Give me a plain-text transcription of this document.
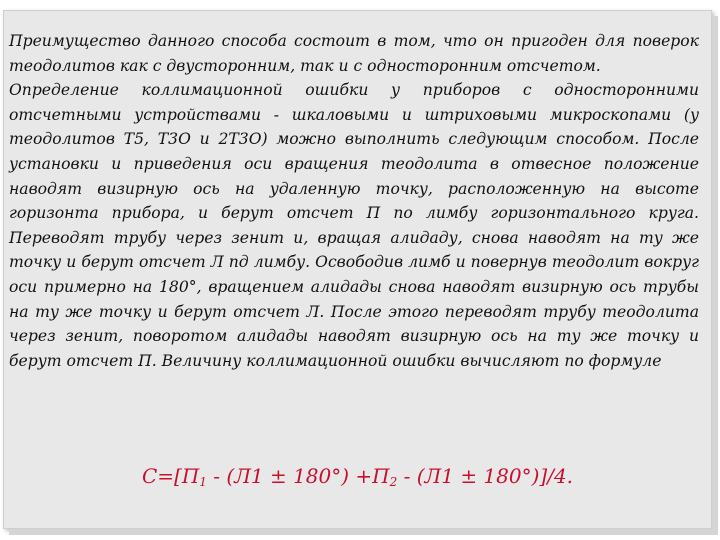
Преимущество данного способа состоит в том, что он пригоден для поверок теодолитов как с двусторонним, так и с односторонним отсчетом.

Определение коллимационной ошибки у приборов с односторонними отсчетными устройствами - шкаловыми и штриховыми микроскопами (у теодолитов Т5, Т3О и 2Т3О) можно выполнить следующим способом. После установки и приведения оси вращения теодолита в отвесное положение наводят визирную ось на удаленную точку, расположенную на высоте горизонта прибора, и берут отсчет П по лимбу горизонтального круга. Переводят трубу через зенит и, вращая алидаду, снова наводят на ту же точку и берут отсчет Л пд лимбу. Освободив лимб и повернув теодолит вокруг оси примерно на 180°, вращением алидады снова наводят визирную ось трубы на ту же точку и берут отсчет Л. После этого переводят трубу теодолита через зенит, поворотом алидады наводят визирную ось на ту же точку и берут отсчет П. Величину коллимационной ошибки вычисляют по формуле

$C=[П_1 - (Л1 \pm 180^\circ) +П_2 - (Л1 \pm 180^\circ)]/4$.
